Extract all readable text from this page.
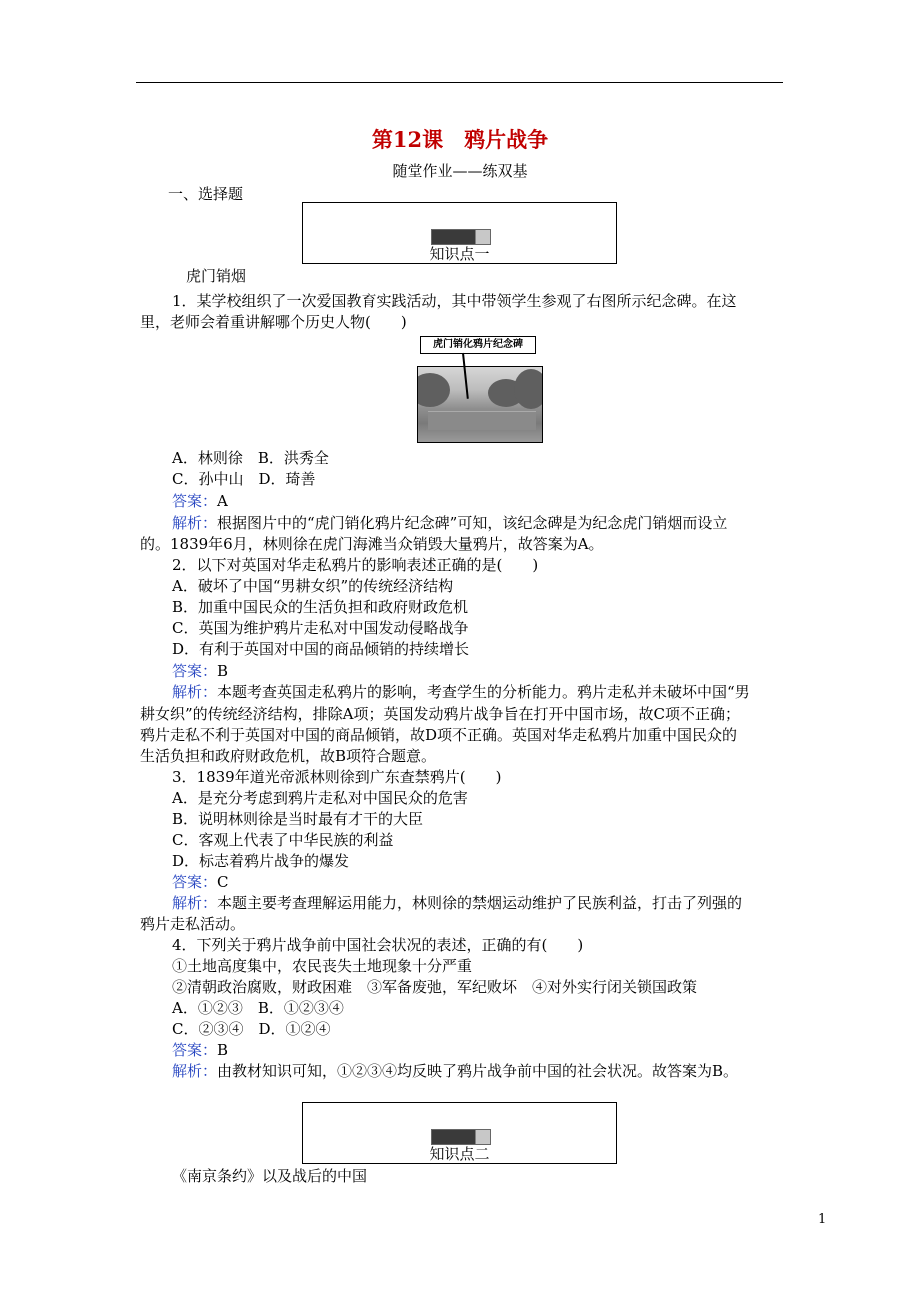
第12课　鸦片战争
随堂作业——练双基
一、选择题
知识点一
虎门销烟
1．某学校组织了一次爱国教育实践活动，其中带领学生参观了右图所示纪念碑。在这
里，老师会着重讲解哪个历史人物(　　)
虎门销化鸦片纪念碑
A．林则徐　B．洪秀全
C．孙中山　D．琦善
答案：A
解析：根据图片中的“虎门销化鸦片纪念碑”可知，该纪念碑是为纪念虎门销烟而设立
的。1839年6月，林则徐在虎门海滩当众销毁大量鸦片，故答案为A。
2．以下对英国对华走私鸦片的影响表述正确的是(　　)
A．破坏了中国“男耕女织”的传统经济结构
B．加重中国民众的生活负担和政府财政危机
C．英国为维护鸦片走私对中国发动侵略战争
D．有利于英国对中国的商品倾销的持续增长
答案：B
解析：本题考查英国走私鸦片的影响，考查学生的分析能力。鸦片走私并未破坏中国“男
耕女织”的传统经济结构，排除A项；英国发动鸦片战争旨在打开中国市场，故C项不正确；
鸦片走私不利于英国对中国的商品倾销，故D项不正确。英国对华走私鸦片加重中国民众的
生活负担和政府财政危机，故B项符合题意。
3．1839年道光帝派林则徐到广东查禁鸦片(　　)
A．是充分考虑到鸦片走私对中国民众的危害
B．说明林则徐是当时最有才干的大臣
C．客观上代表了中华民族的利益
D．标志着鸦片战争的爆发
答案：C
解析：本题主要考查理解运用能力，林则徐的禁烟运动维护了民族利益，打击了列强的
鸦片走私活动。
4．下列关于鸦片战争前中国社会状况的表述，正确的有(　　)
①土地高度集中，农民丧失土地现象十分严重
②清朝政治腐败，财政困难　③军备废弛，军纪败坏　④对外实行闭关锁国政策
A．①②③　B．①②③④
C．②③④　D．①②④
答案：B
解析：由教材知识可知，①②③④均反映了鸦片战争前中国的社会状况。故答案为B。
知识点二
《南京条约》以及战后的中国
1
